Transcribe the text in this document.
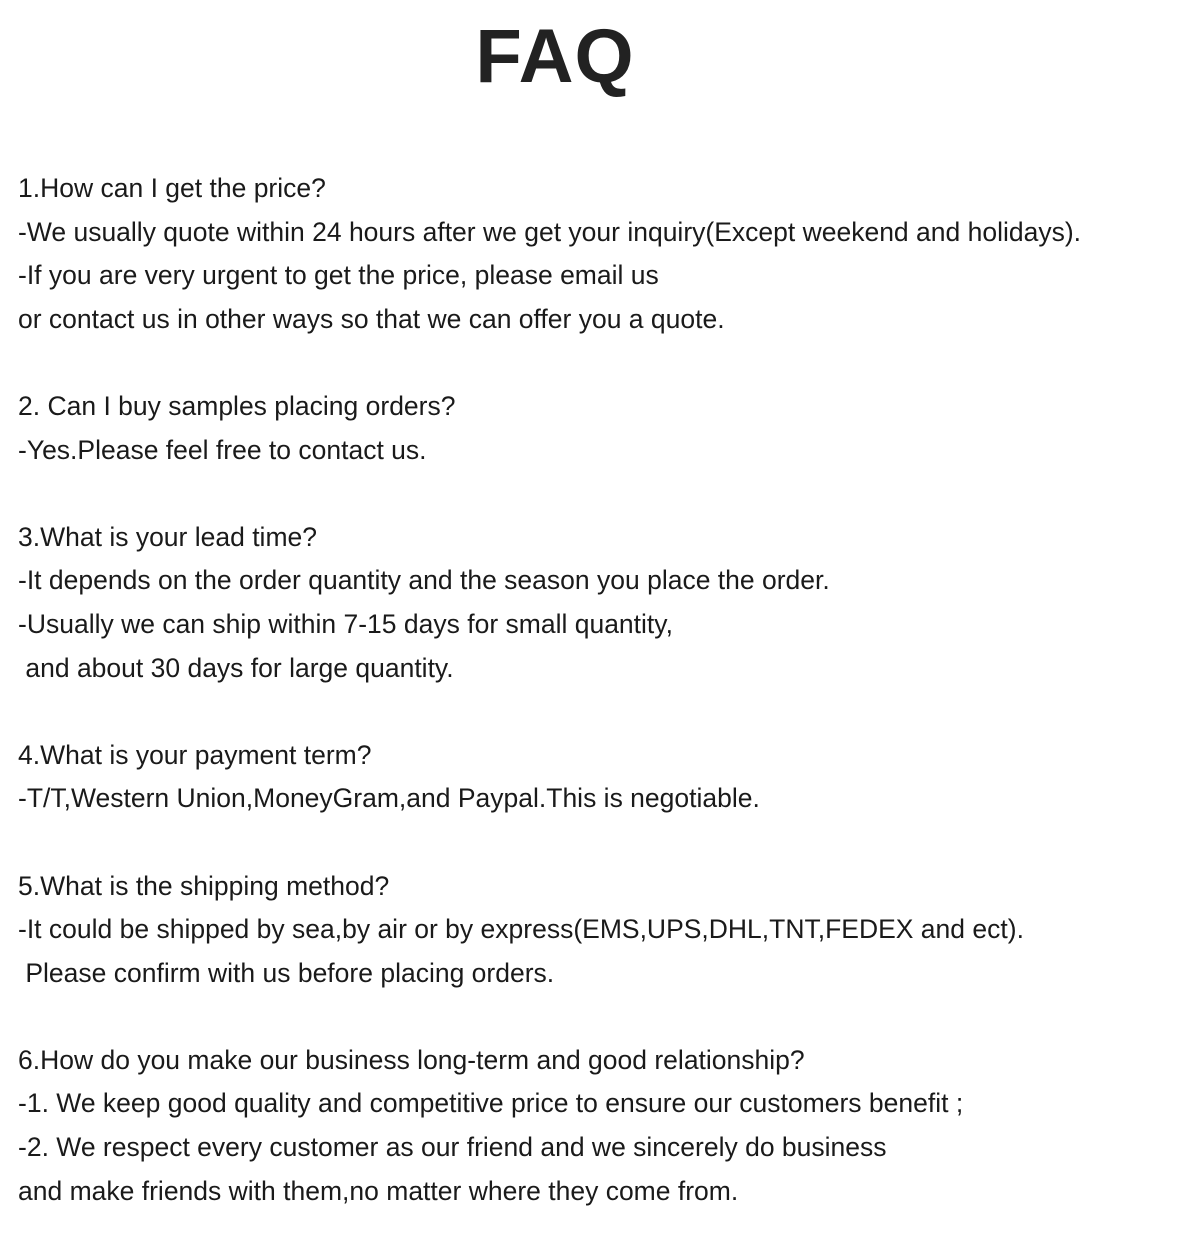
FAQ
1.How can I get the price?
-We usually quote within 24 hours after we get your inquiry(Except weekend and holidays).
-If you are very urgent to get the price, please email us
or contact us in other ways so that we can offer you a quote.
2. Can I buy samples placing orders?
-Yes.Please feel free to contact us.
3.What is your lead time?
-It depends on the order quantity and the season you place the order.
-Usually we can ship within 7-15 days for small quantity,
and about 30 days for large quantity.
4.What is your payment term?
-T/T,Western Union,MoneyGram,and Paypal.This is negotiable.
5.What is the shipping method?
-It could be shipped by sea,by air or by express(EMS,UPS,DHL,TNT,FEDEX and ect).
Please confirm with us before placing orders.
6.How do you make our business long-term and good relationship?
-1. We keep good quality and competitive price to ensure our customers benefit ;
-2. We respect every customer as our friend and we sincerely do business
and make friends with them,no matter where they come from.
